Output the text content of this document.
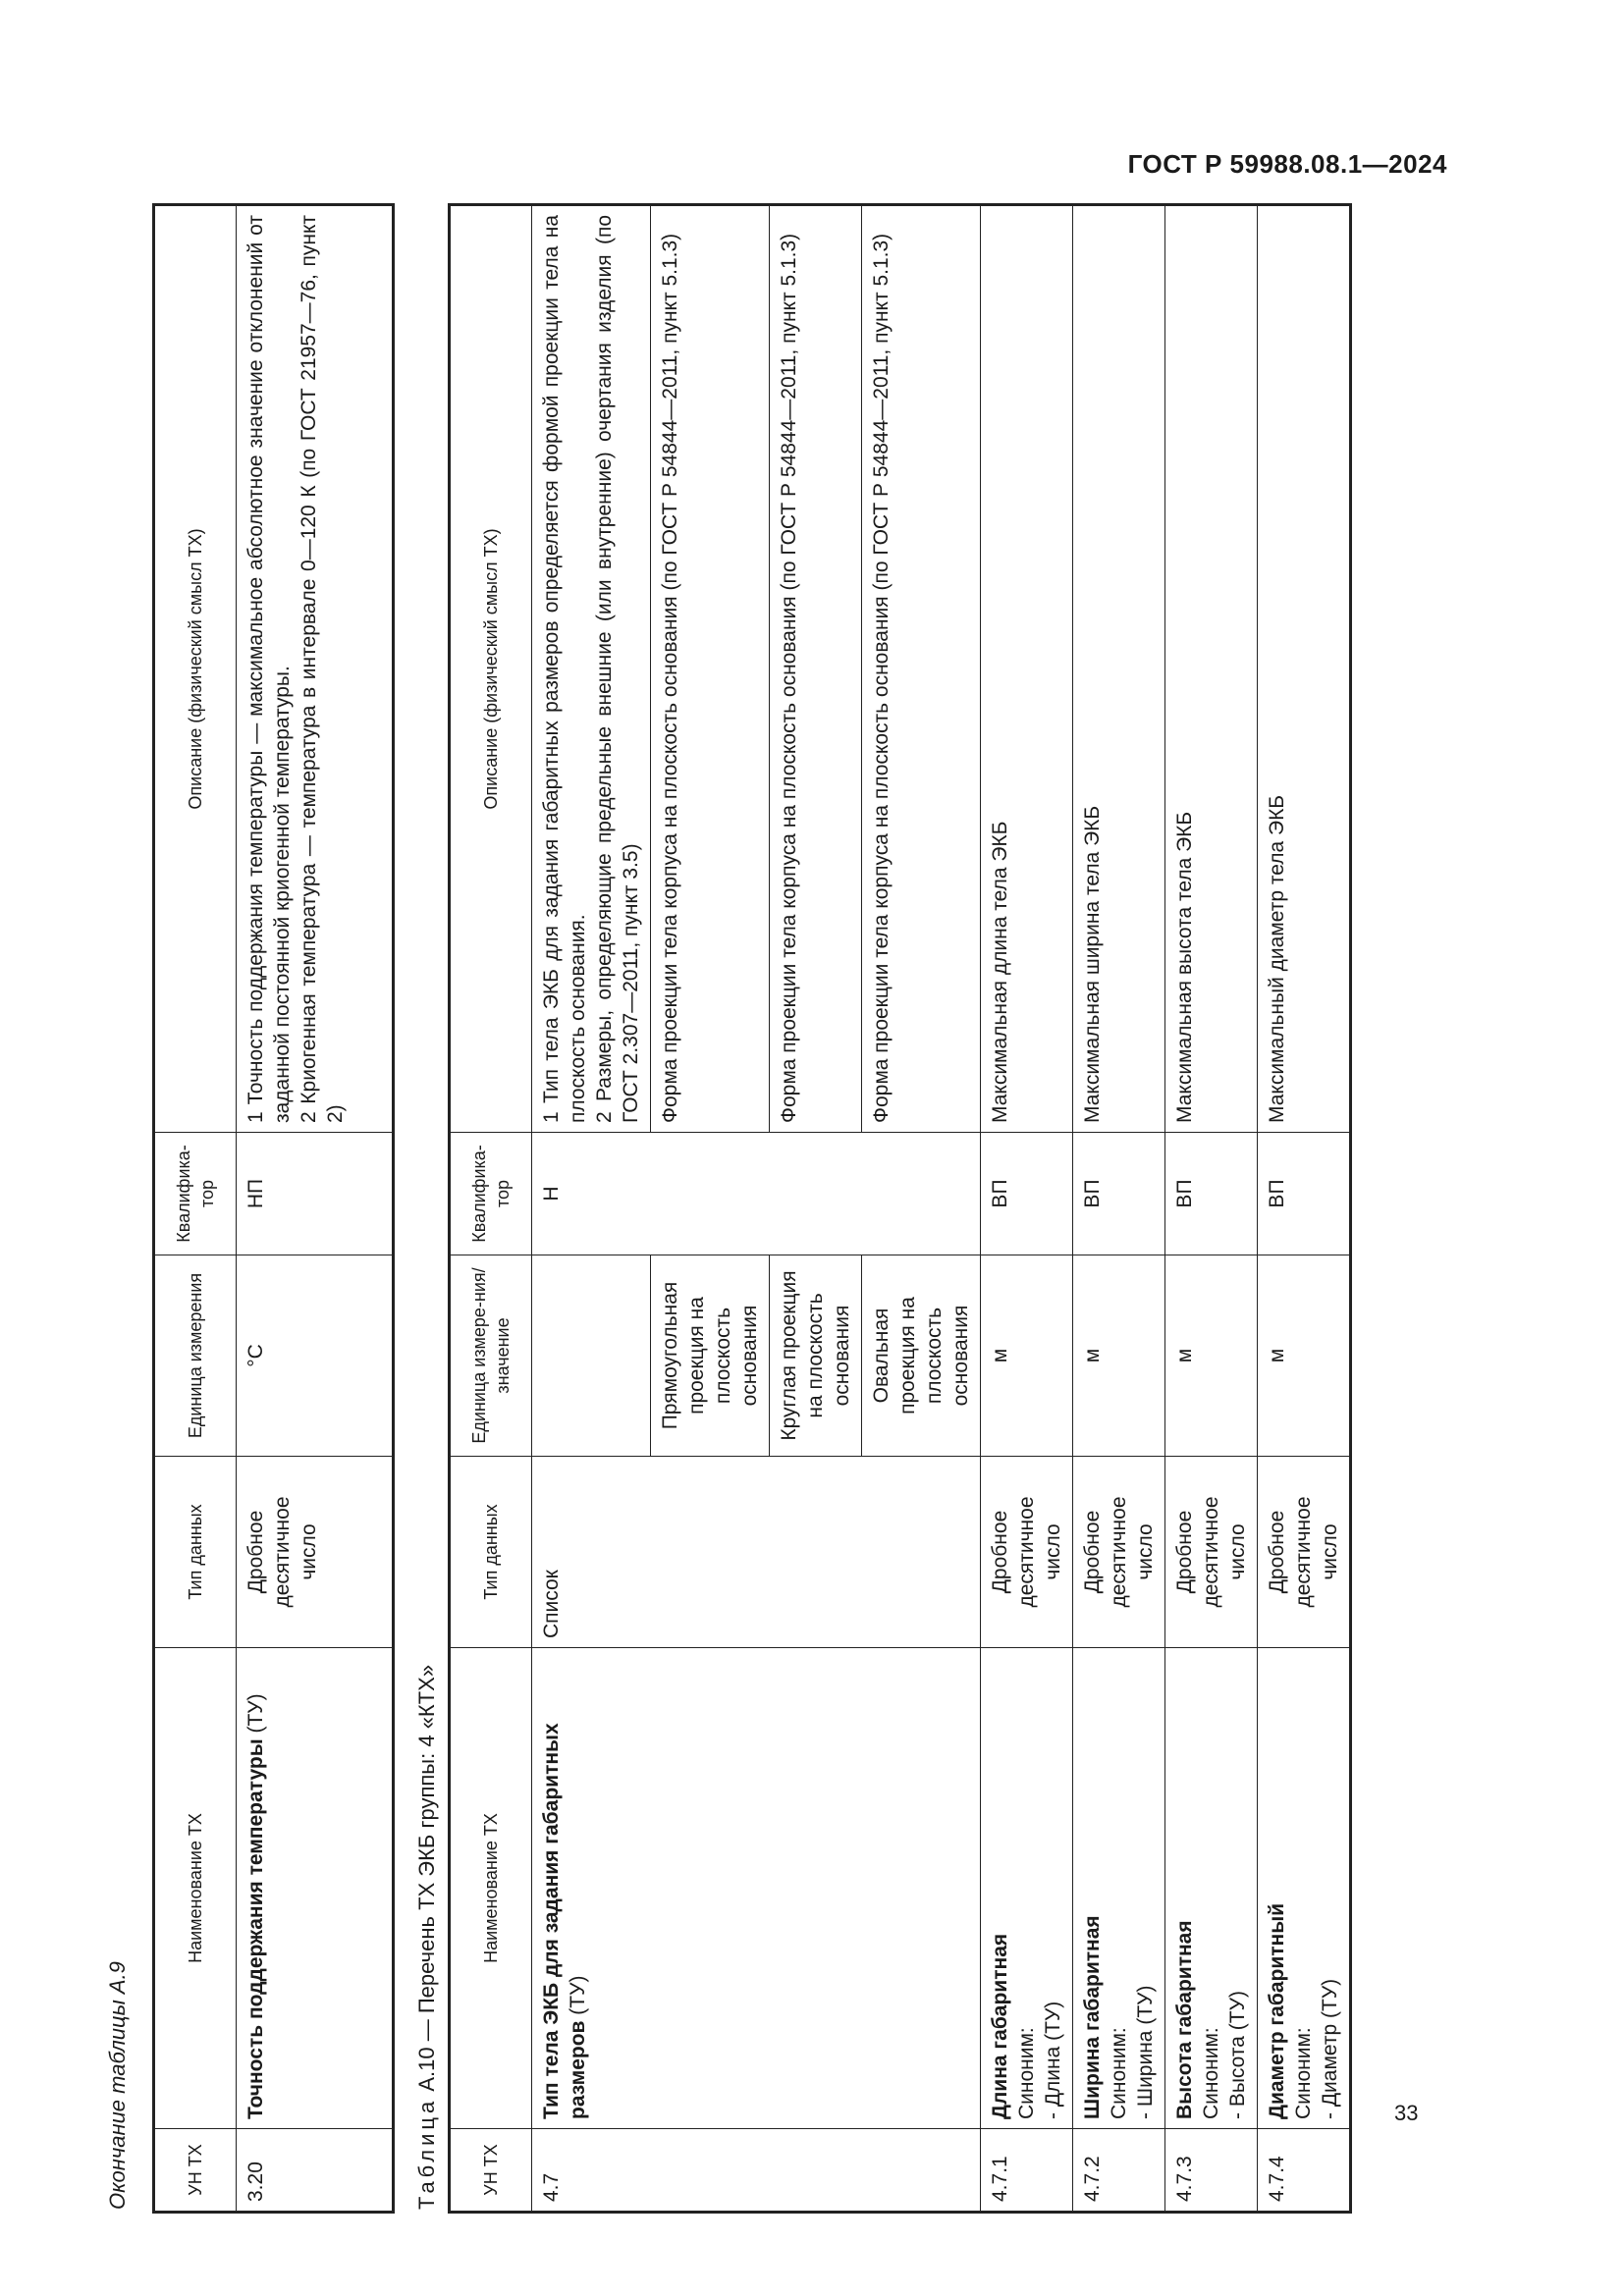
ГОСТ Р 59988.08.1—2024
33
Окончание таблицы А.9	УН ТХ	Наименование ТХ	Тип данных	Единица измерения	Квалифика-тор	Описание (физический смысл ТХ)
3.20	Точность поддержания температуры (ТУ)	Дробное десятичное число	°С	НП	1 Точность поддержания температуры — максимальное абсолютное значение отклонений от заданной постоянной криогенной температуры. 2 Криогенная температура — температура в интервале 0—120 К (по ГОСТ 21957—76, пункт 2)
Таблица А.10 — Перечень ТХ ЭКБ группы: 4 «КТХ»
УН ТХ	Наименование ТХ	Тип данных	Единица измере-ния/значение	Квалифика-тор	Описание (физический смысл ТХ)
4.7	Тип тела ЭКБ для задания габаритных размеров (ТУ)	Список		Н	1 Тип тела ЭКБ для задания габаритных размеров определяется формой проекции тела на плоскость основания. 2 Размеры, определяющие предельные внешние (или внутренние) очертания изделия (по ГОСТ 2.307—2011, пункт 3.5)

			Прямоугольная проекция на плоскость основания		Форма проекции тела корпуса на плоскость основания (по ГОСТ Р 54844—2011, пункт 5.1.3)
			Круглая проекция на плоскость основания		Форма проекции тела корпуса на плоскость основания (по ГОСТ Р 54844—2011, пункт 5.1.3)
			Овальная проекция на плоскость основания		Форма проекции тела корпуса на плоскость основания (по ГОСТ Р 54844—2011, пункт 5.1.3)
4.7.1	Длина габаритная Синоним: - Длина (ТУ)	Дробное десятичное число	м	ВП	Максимальная длина тела ЭКБ
4.7.2	Ширина габаритная Синоним: - Ширина (ТУ)	Дробное десятичное число	м	ВП	Максимальная ширина тела ЭКБ
4.7.3	Высота габаритная Синоним: - Высота (ТУ)	Дробное десятичное число	м	ВП	Максимальная высота тела ЭКБ
4.7.4	Диаметр габаритный Синоним: - Диаметр (ТУ)	Дробное десятичное число	м	ВП	Максимальный диаметр тела ЭКБ
